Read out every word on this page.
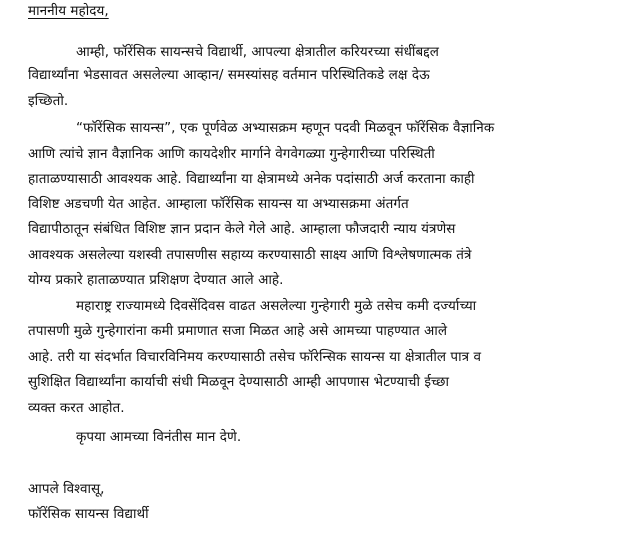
माननीय महोदय,
आम्ही, फॉरेंसिक सायन्सचे विद्यार्थी, आपल्या क्षेत्रातील करियरच्या संधींबद्दल
विद्यार्थ्यांना भेडसावत असलेल्या आव्हान/ समस्यांसह वर्तमान परिस्थितिकडे लक्ष देऊ
इच्छितो.
“फॉरेंसिक सायन्स”, एक पूर्णवेळ अभ्यासक्रम म्हणून पदवी मिळवून फॉरेंसिक वैज्ञानिक
आणि त्यांचे ज्ञान वैज्ञानिक आणि कायदेशीर मार्गाने वेगवेगळ्या गुन्हेगारीच्या परिस्थिती
हाताळण्यासाठी आवश्यक आहे. विद्यार्थ्यांना या क्षेत्रामध्ये अनेक पदांसाठी अर्ज करताना काही
विशिष्ट अडचणी येत आहेत. आम्हाला फॉरेंसिक सायन्स या अभ्यासक्रमा अंतर्गत
विद्यापीठातून संबंधित विशिष्ट ज्ञान प्रदान केले गेले आहे. आम्हाला फौजदारी न्याय यंत्रणेस
आवश्यक असलेल्या यशस्वी तपासणीस सहाय्य करण्यासाठी साक्ष्य आणि विश्लेषणात्मक तंत्रे
योग्य प्रकारे हाताळण्यात प्रशिक्षण देण्यात आले आहे.
महाराष्ट्र राज्यामध्ये दिवसेंदिवस वाढत असलेल्या गुन्हेगारी मुळे तसेच कमी दर्ज्याच्या
तपासणी मुळे गुन्हेगारांना कमी प्रमाणात सजा मिळत आहे असे आमच्या पाहण्यात आले
आहे. तरी या संदर्भात विचारविनिमय करण्यासाठी तसेच फॉरेन्सिक सायन्स या क्षेत्रातील पात्र व
सुशिक्षित विद्यार्थ्यांना कार्याची संधी मिळवून देण्यासाठी आम्ही आपणास भेटण्याची ईच्छा
व्यक्त करत आहोत.
कृपया आमच्या विनंतीस मान देणे.
आपले विश्वासू,
फॉरेंसिक सायन्स विद्यार्थी
